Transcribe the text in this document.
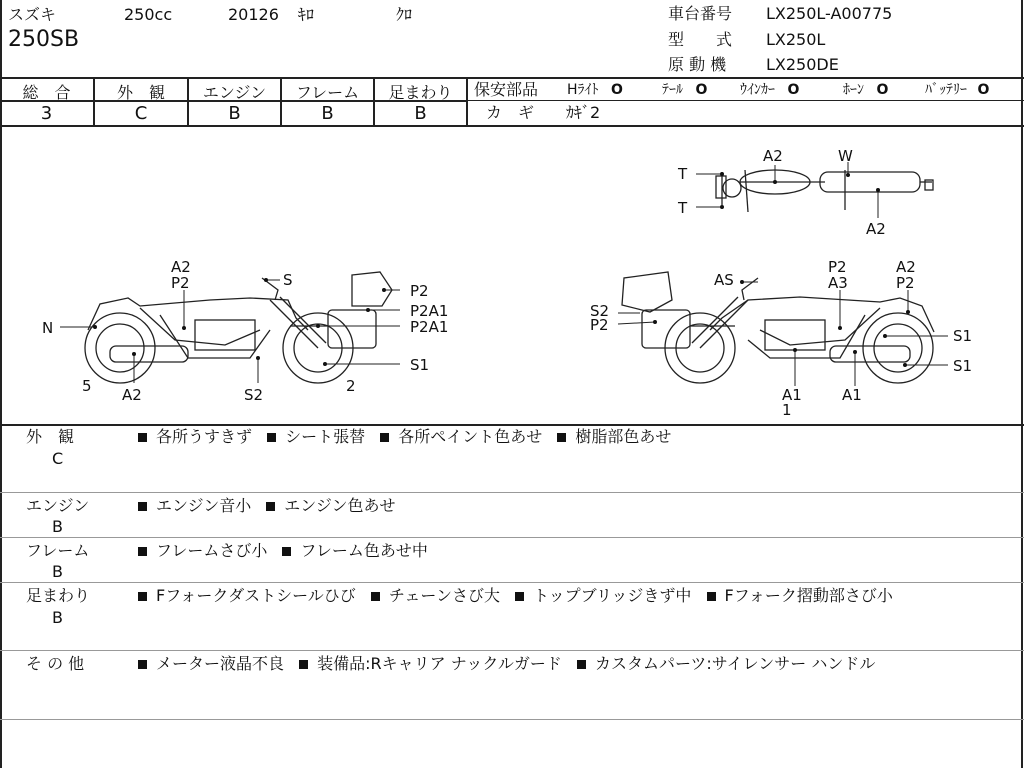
スズキ	250cc	20126 ｷﾛ	ｸﾛ
250SB
車台番号 LX250L-A00775
型　　式 LX250L
原 動 機 LX250DE
総　合	外　観	エンジン	フレーム	足まわり
3	C	B	B	B
保安部品 Hﾗｲﾄ O	ﾃｰﾙ O ｳｲﾝｶｰ O	ﾎｰﾝ O	ﾊﾞｯﾃﾘｰ O
カ　ギ ｶｷﾞ2
T
T
A2	W
A2
A2
P2	S
P2
P2A1
P2A1
N
S1
5 A2	S2	2
AS
P2
A3
A2
P2
S2
P2
S1
S1
A1
1
A1
外　観
C
各所うすきず シート張替 各所ペイント色あせ 樹脂部色あせ
エンジン
B
エンジン音小 エンジン色あせ
フレーム
B
フレームさび小 フレーム色あせ中
足まわり
B
Fフォークダストシールひび チェーンさび大 トップブリッジきず中 Fフォーク摺動部さび小
そ の 他	メーター液晶不良 装備品:Rキャリア ナックルガード カスタムパーツ:サイレンサー ハンドル
